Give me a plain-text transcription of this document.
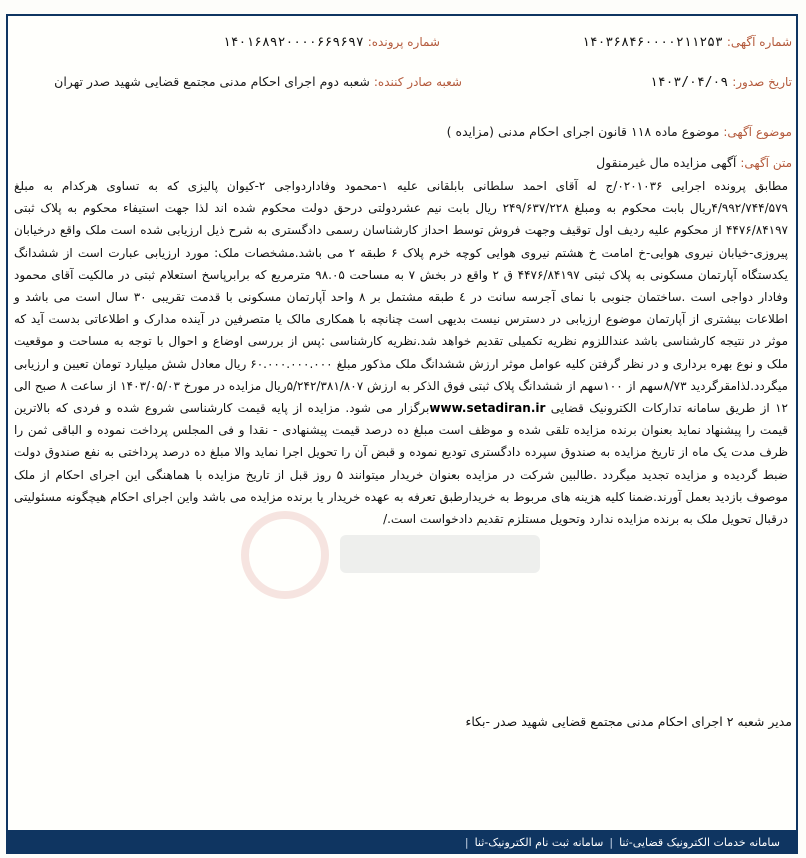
شماره آگهی: ۱۴۰۳۶۸۴۶۰۰۰۰۲۱۱۲۵۳
شماره پرونده: ۱۴۰۱۶۸۹۲۰۰۰۰۶۶۹۶۹۷
تاریخ صدور: ۱۴۰۳/۰۴/۰۹
شعبه صادر کننده: شعبه دوم اجرای احکام مدنی مجتمع قضایی شهید صدر تهران
موضوع آگهی: موضوع ماده ۱۱۸ قانون اجرای احکام مدنی (مزایده )
متن آگهی: آگهی مزایده مال غیرمنقول
مطابق پرونده اجرایی ۰۲۰۱۰۳۶/ج له آقای احمد سلطانی بابلقانی علیه ۱-محمود وفاداردواجی ۲-کیوان پالیزی که به تساوی هرکدام به مبلغ ۴/۹۹۲/۷۴۴/۵۷۹ریال بابت محکوم به ومبلغ ۲۴۹/۶۳۷/۲۲۸ ریال بابت نیم عشردولتی درحق دولت محکوم شده اند لذا جهت استیفاء محکوم به پلاک ثبتی ۴۴۷۶/۸۴۱۹۷ از محکوم علیه ردیف اول توقیف وجهت فروش توسط احداز کارشناسان رسمی دادگستری به شرح ذیل ارزیابی شده است ملک واقع درخیابان پیروزی-خیابان نیروی هوایی-خ امامت خ هشتم نیروی هوایی کوچه خرم پلاک ۶ طبقه ۲ می باشد.مشخصات ملک: مورد ارزیابی عبارت است از ششدانگ یکدستگاه آپارتمان مسکونی به پلاک ثبتی ۴۴۷۶/۸۴۱۹۷ ق ۲ واقع در بخش ۷ به مساحت ۹۸.۰۵ مترمربع که برابرپاسخ استعلام ثبتی در مالکیت آقای محمود وفادار دواجی است .ساختمان جنوبی با نمای آجرسه سانت در ٤ طبقه مشتمل بر ۸ واحد آپارتمان مسکونی با قدمت تقریبی ۳۰ سال است می باشد و اطلاعات بیشتری از آپارتمان موضوع ارزیابی در دسترس نیست بدیهی است چنانچه با همکاری مالک یا متصرفین در آینده مدارک و اطلاعاتی بدست آید که موثر در نتیجه کارشناسی باشد عنداللزوم نظریه تکمیلی تقدیم خواهد شد.نظریه کارشناسی :پس از بررسی اوضاع و احوال با توجه به مساحت و موقعیت ملک و نوع بهره برداری و در نظر گرفتن کلیه عوامل موثر ارزش ششدانگ ملک مذکور مبلغ ۶۰.۰۰۰.۰۰۰.۰۰۰ ریال معادل شش میلیارد تومان تعیین و ارزیابی میگردد.لذامقرگردید ۸/۷۳سهم از ۱۰۰سهم از ششدانگ پلاک ثبتی فوق الذکر به ارزش ۵/۲۴۲/۳۸۱/۸۰۷ریال مزایده در مورخ ۱۴۰۳/۰۵/۰۳ از ساعت ۸ صبح الی ۱۲ از طریق سامانه تدارکات الکترونیک قضایی www.setadiran.irبرگزار می شود. مزایده از پایه قیمت کارشناسی شروع شده و فردی که بالاترین قیمت را پیشنهاد نماید بعنوان برنده مزایده تلقی شده و موظف است مبلغ ده درصد قیمت پیشنهادی - نقدا و فی المجلس پرداخت نموده و الباقی ثمن را ظرف مدت یک ماه از تاریخ مزایده به صندوق سپرده دادگستری تودیع نموده و قبض آن را تحویل اجرا نماید والا مبلغ ده درصد پرداختی به نفع صندوق دولت ضبط گردیده و مزایده تجدید میگردد .طالبین شرکت در مزایده بعنوان خریدار میتوانند ۵ روز قبل از تاریخ مزایده با هماهنگی این اجرای احکام از ملک موصوف بازدید بعمل آورند.ضمنا کلیه هزینه های مربوط به خریدارطبق تعرفه به عهده خریدار یا برنده مزایده می باشد واین اجرای احکام هیچگونه مسئولیتی درقبال تحویل ملک به برنده مزایده ندارد وتحویل مستلزم تقدیم دادخواست است./
مدیر شعبه ۲ اجرای احکام مدنی مجتمع قضایی شهید صدر -بکاء
سامانه خدمات الکترونیک قضایی-ثنا|سامانه ثبت نام الکترونیک-ثنا|
